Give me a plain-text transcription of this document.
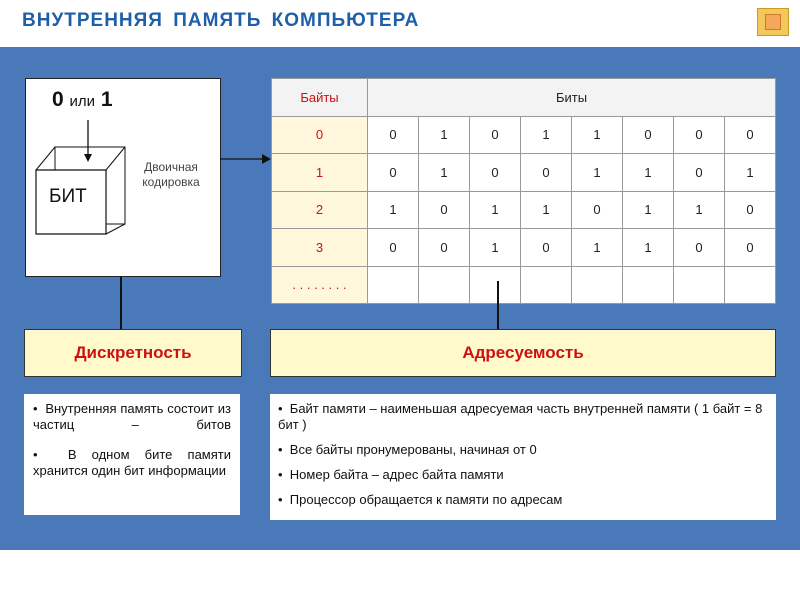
ВНУТРЕННЯЯ ПАМЯТЬ КОМПЬЮТЕРА
0 или 1
БИТ
Двоичная кодировка
Байты	Биты							
0	0	1	0	1	1	0	0	0
1	0	1	0	0	1	1	0	1
2	1	0	1	1	0	1	1	0
3	0	0	1	0	1	1	0	0
. . . . . . . .								
Дискретность	Адресуемость
•  Внутренняя память состоит из частиц – битов
•  В одном бите памяти хранится один бит информации
•  Байт памяти – наименьшая адресуемая часть внутренней памяти ( 1 байт = 8 бит )
•  Все байты пронумерованы, начиная от 0
•  Номер байта – адрес байта памяти
•  Процессор обращается к памяти по адресам
